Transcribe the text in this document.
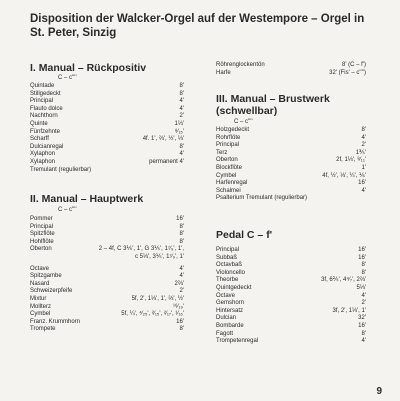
Disposition der Walcker-Orgel auf der Westempore – Orgel in
St. Peter, Sinzig
I. Manual – Rückpositiv
C – c''''
Quintade	8'
Stillgedeckt	8'
Principal	4'
Flauto dolce	4'
Nachthorn	2'
Quinte	1⅓'
Fünfzehnte	⁸⁄₁₅'
Scharff	4f. 1', ⅔', ½', ⅓'
Dulcianregal	8'
Xylaphon	4'
Xylaphon	permanent 4'
Tremulant (regulierbar)
II. Manual – Hauptwerk
C – c''''
Pommer	16'
Principal	8'
Spitzflöte	8'
Hohlflöte	8'
Oberton	2 – 4f, C 3⅕', 1', G 3⅕', 1⁷⁄₉', 1',
c 5⅓', 3⅕', 1⁷⁄₉', 1'
Octave	4'
Spitzgambe	4'
Nasard	2⅔'
Schweizerpfeife	2'
Mixtur	5f, 2', 1⅓', 1', ⅔', ½'
Mollterz	¹⁶⁄₁₉'
Cymbel	5f, ¼', ⁴⁄₂₅', ²⁄₁₅', ²⁄₁₇', ¹⁄₁₆'
Franz. Krummhorn	16'
Trompete	8'
Röhrenglockentön	8' (C – f')
Harfe	32' (Fis' – c'''')
III. Manual – Brustwerk
(schwellbar)
C – c''''
Holzgedeckt	8'
Rohrflöte	4'
Principal	2'
Terz	1⅗'
Oberton	2f, 1⅓', ⁸⁄₁₁'
Blockflöte	1'
Cymbel	4f, ½', ⅓', ¼', ⅙'
Harfenregal	16'
Schalmei	4'
Psalterium Tremulant (regulierbar)
Pedal C – f'
Principal	16'
Subbaß	16'
Octavbaß	8'
Violoncello	8'
Theorbe	3f, 6⅖', 4⁴⁄₇', 2⅔'
Quintgedeckt	5⅓'
Octave	4'
Gemshorn	2'
Hintersatz	3f, 2', 1⅓', 1'
Dulcian	32'
Bombarde	16'
Fagott	8'
Trompetenregal	4'
9
